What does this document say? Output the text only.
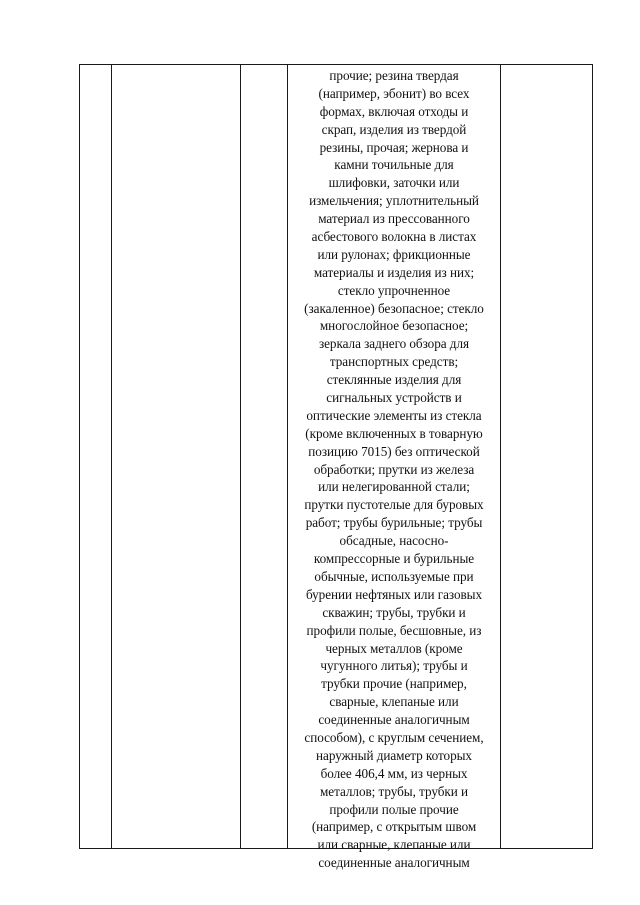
прочие; резина твердая
(например, эбонит) во всех
формах, включая отходы и
скрап, изделия из твердой
резины, прочая; жернова и
камни точильные для
шлифовки, заточки или
измельчения; уплотнительный
материал из прессованного
асбестового волокна в листах
или рулонах; фрикционные
материалы и изделия из них;
стекло упрочненное
(закаленное) безопасное; стекло
многослойное безопасное;
зеркала заднего обзора для
транспортных средств;
стеклянные изделия для
сигнальных устройств и
оптические элементы из стекла
(кроме включенных в товарную
позицию 7015) без оптической
обработки; прутки из железа
или нелегированной стали;
прутки пустотелые для буровых
работ; трубы бурильные; трубы
обсадные, насосно-
компрессорные и бурильные
обычные, используемые при
бурении нефтяных или газовых
скважин; трубы, трубки и
профили полые, бесшовные, из
черных металлов (кроме
чугунного литья); трубы и
трубки прочие (например,
сварные, клепаные или
соединенные аналогичным
способом), с круглым сечением,
наружный диаметр которых
более 406,4 мм, из черных
металлов; трубы, трубки и
профили полые прочие
(например, с открытым швом
или сварные, клепаные или
соединенные аналогичным
